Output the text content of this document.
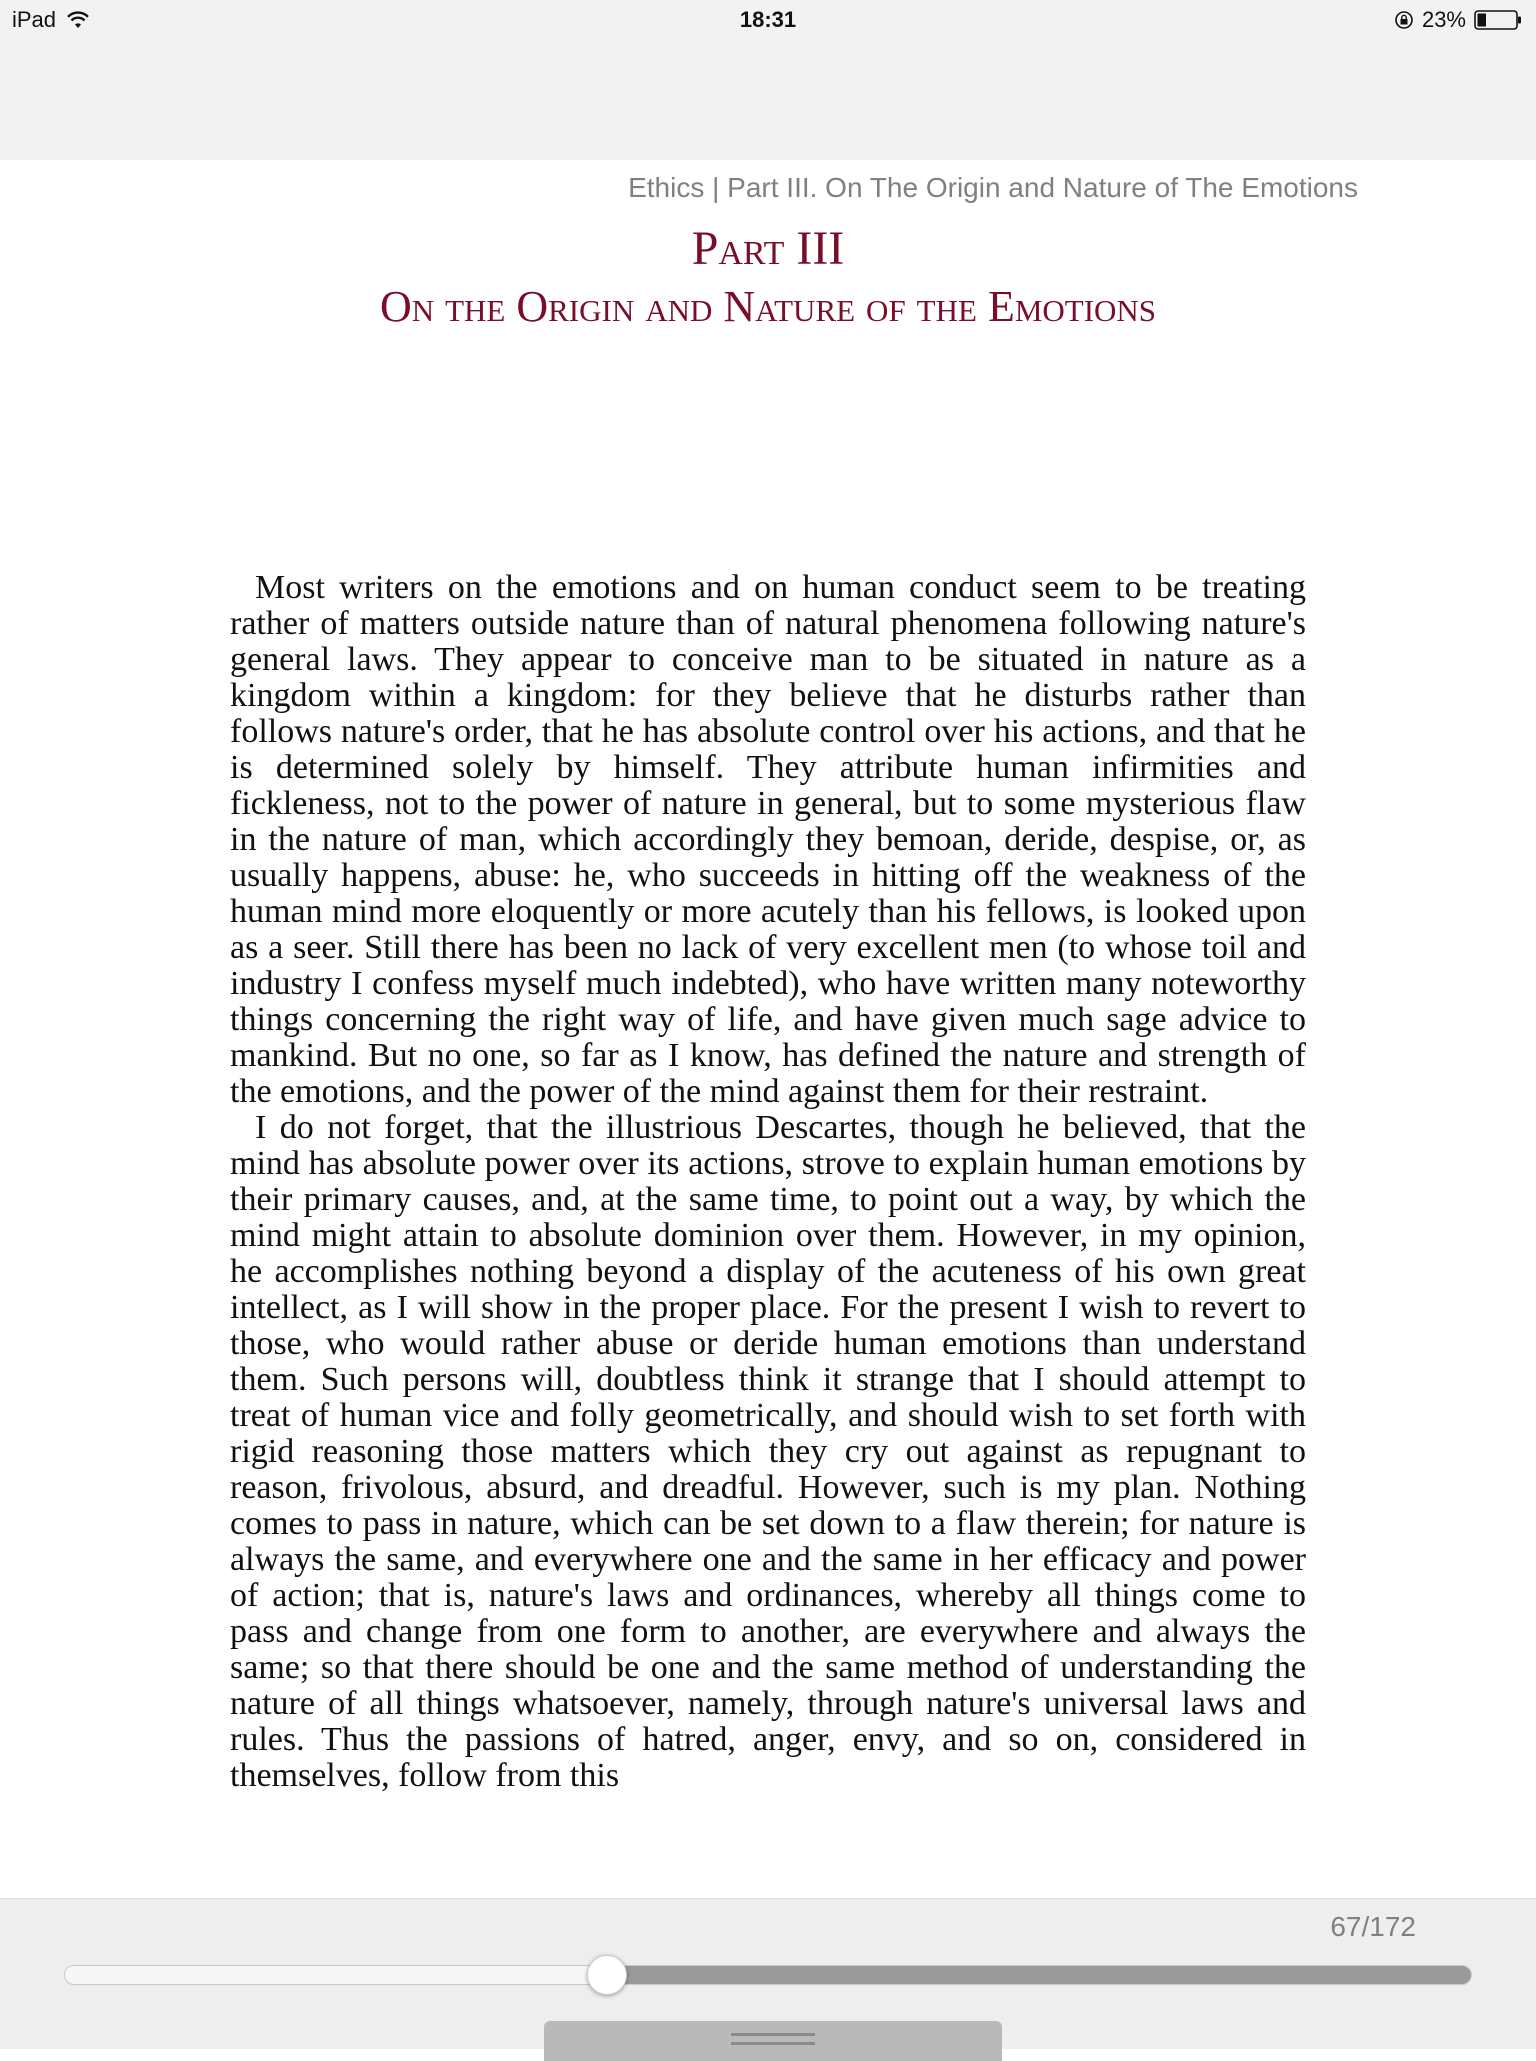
iPad	18:31	23%
Ethics | Part III. On The Origin and Nature of The Emotions
Part III
On the Origin and Nature of the Emotions

Most writers on the emotions and on human conduct seem to be treating rather of matters outside nature than of natural phenomena following nature's general laws. They appear to conceive man to be situated in nature as a kingdom within a kingdom: for they believe that he disturbs rather than follows nature's order, that he has absolute control over his actions, and that he is determined solely by himself. They attribute human infirmities and fickleness, not to the power of nature in general, but to some mysterious flaw in the nature of man, which accordingly they bemoan, deride, despise, or, as usually happens, abuse: he, who succeeds in hitting off the weakness of the human mind more eloquently or more acutely than his fellows, is looked upon as a seer. Still there has been no lack of very excellent men (to whose toil and industry I confess myself much indebted), who have written many noteworthy things concerning the right way of life, and have given much sage advice to mankind. But no one, so far as I know, has defined the nature and strength of the emotions, and the power of the mind against them for their restraint.

I do not forget, that the illustrious Descartes, though he believed, that the mind has absolute power over its actions, strove to explain human emotions by their primary causes, and, at the same time, to point out a way, by which the mind might attain to absolute dominion over them. However, in my opinion, he accomplishes nothing beyond a display of the acuteness of his own great intellect, as I will show in the proper place. For the present I wish to revert to those, who would rather abuse or deride human emotions than understand them. Such persons will, doubtless think it strange that I should attempt to treat of human vice and folly geometrically, and should wish to set forth with rigid reasoning those matters which they cry out against as repugnant to reason, frivolous, absurd, and dreadful. However, such is my plan. Nothing comes to pass in nature, which can be set down to a flaw therein; for nature is always the same, and everywhere one and the same in her efficacy and power of action; that is, nature's laws and ordinances, whereby all things come to pass and change from one form to another, are everywhere and always the same; so that there should be one and the same method of understanding the nature of all things whatsoever, namely, through nature's universal laws and rules. Thus the passions of hatred, anger, envy, and so on, considered in themselves, follow from this

67/172
